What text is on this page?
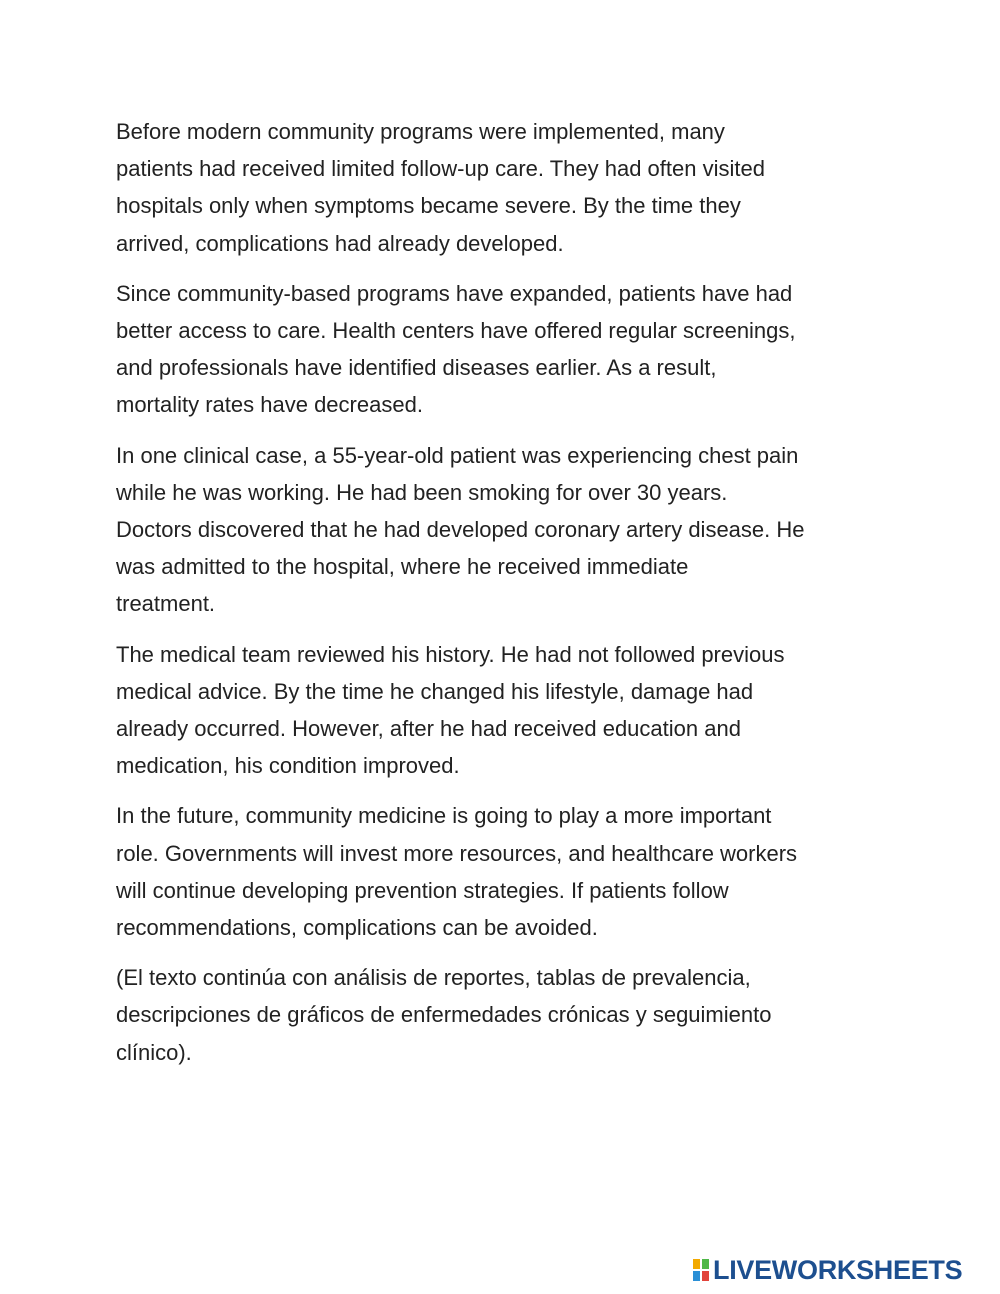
Before modern community programs were implemented, many
patients had received limited follow-up care. They had often visited
hospitals only when symptoms became severe. By the time they
arrived, complications had already developed.

Since community-based programs have expanded, patients have had
better access to care. Health centers have offered regular screenings,
and professionals have identified diseases earlier. As a result,
mortality rates have decreased.

In one clinical case, a 55-year-old patient was experiencing chest pain
while he was working. He had been smoking for over 30 years.
Doctors discovered that he had developed coronary artery disease. He
was admitted to the hospital, where he received immediate
treatment.

The medical team reviewed his history. He had not followed previous
medical advice. By the time he changed his lifestyle, damage had
already occurred. However, after he had received education and
medication, his condition improved.

In the future, community medicine is going to play a more important
role. Governments will invest more resources, and healthcare workers
will continue developing prevention strategies. If patients follow
recommendations, complications can be avoided.

(El texto continúa con análisis de reportes, tablas de prevalencia,
descripciones de gráficos de enfermedades crónicas y seguimiento
clínico).

LIVEWORKSHEETS
